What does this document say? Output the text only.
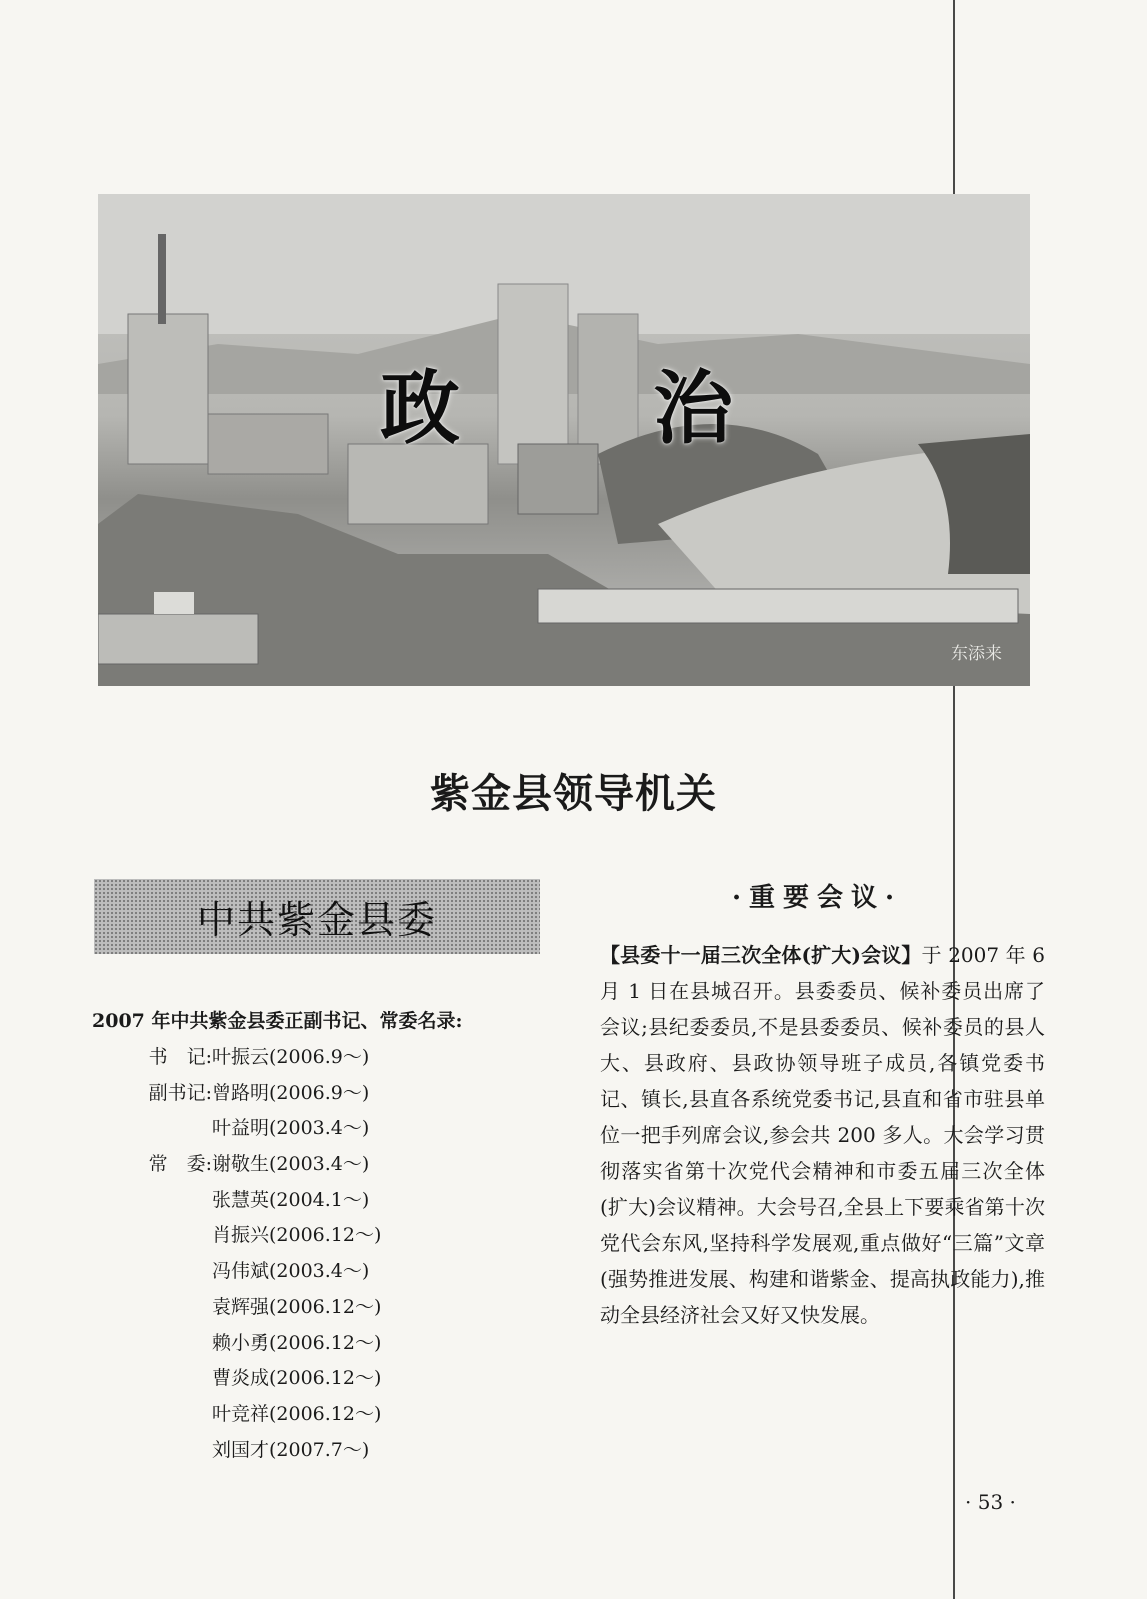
政 治
东添来
紫金县领导机关
中共紫金县委
2007 年中共紫金县委正副书记、常委名录:
书　记: 叶振云(2006.9～)
副书记: 曾路明(2006.9～)
叶益明(2003.4～)
常　委: 谢敬生(2003.4～)
张慧英(2004.1～)
肖振兴(2006.12～)
冯伟斌(2003.4～)
袁辉强(2006.12～)
赖小勇(2006.12～)
曹炎成(2006.12～)
叶竞祥(2006.12～)
刘国才(2007.7～)
·重要会议·
【县委十一届三次全体(扩大)会议】于 2007 年 6 月 1 日在县城召开。县委委员、候补委员出席了会议;县纪委委员,不是县委委员、候补委员的县人大、县政府、县政协领导班子成员,各镇党委书记、镇长,县直各系统党委书记,县直和省市驻县单位一把手列席会议,参会共 200 多人。大会学习贯彻落实省第十次党代会精神和市委五届三次全体(扩大)会议精神。大会号召,全县上下要乘省第十次党代会东风,坚持科学发展观,重点做好“三篇”文章(强势推进发展、构建和谐紫金、提高执政能力),推动全县经济社会又好又快发展。
· 53 ·
